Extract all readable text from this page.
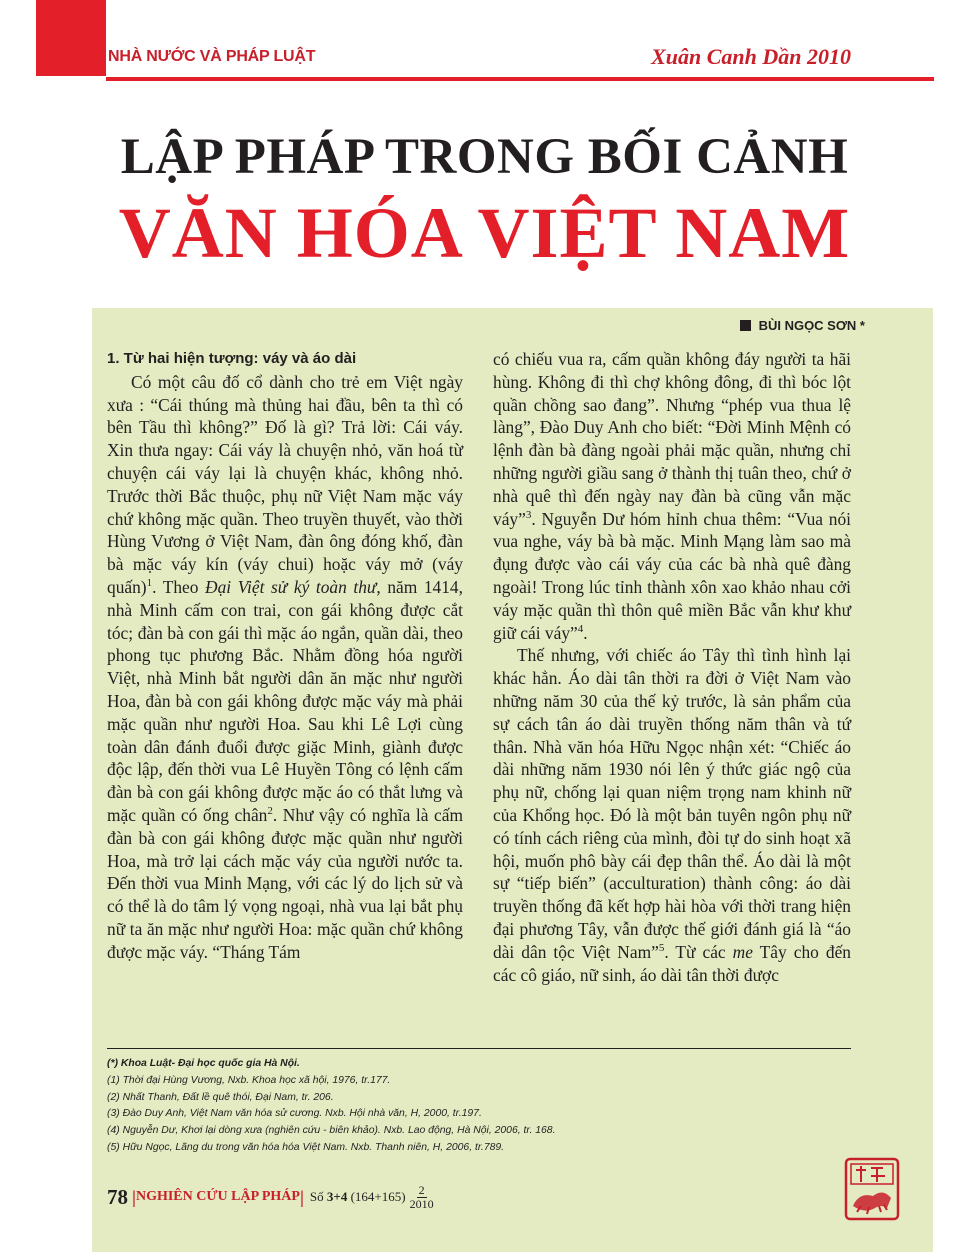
NHÀ NƯỚC VÀ PHÁP LUẬT	Xuân Canh Dần 2010
LẬP PHÁP TRONG BỐI CẢNH
VĂN HÓA VIỆT NAM
BÙI NGỌC SƠN *
1. Từ hai hiện tượng: váy và áo dài

Có một câu đố cổ dành cho trẻ em Việt ngày xưa : “Cái thúng mà thủng hai đầu, bên ta thì có bên Tầu thì không?” Đố là gì? Trả lời: Cái váy. Xin thưa ngay: Cái váy là chuyện nhỏ, văn hoá từ chuyện cái váy lại là chuyện khác, không nhỏ. Trước thời Bắc thuộc, phụ nữ Việt Nam mặc váy chứ không mặc quần. Theo truyền thuyết, vào thời Hùng Vương ở Việt Nam, đàn ông đóng khố, đàn bà mặc váy kín (váy chui) hoặc váy mở (váy quấn)$^1$. Theo Đại Việt sử ký toàn thư, năm 1414, nhà Minh cấm con trai, con gái không được cắt tóc; đàn bà con gái thì mặc áo ngắn, quần dài, theo phong tục phương Bắc. Nhằm đồng hóa người Việt, nhà Minh bắt người dân ăn mặc như người Hoa, đàn bà con gái không được mặc váy mà phải mặc quần như người Hoa. Sau khi Lê Lợi cùng toàn dân đánh đuổi được giặc Minh, giành được độc lập, đến thời vua Lê Huyền Tông có lệnh cấm đàn bà con gái không được mặc áo có thắt lưng và mặc quần có ống chân$^2$. Như vậy có nghĩa là cấm đàn bà con gái không được mặc quần như người Hoa, mà trở lại cách mặc váy của người nước ta. Đến thời vua Minh Mạng, với các lý do lịch sử và có thể là do tâm lý vọng ngoại, nhà vua lại bắt phụ nữ ta ăn mặc như người Hoa: mặc quần chứ không được mặc váy. “Tháng Tám

có chiếu vua ra, cấm quần không đáy người ta hãi hùng. Không đi thì chợ không đông, đi thì bóc lột quần chồng sao đang”. Nhưng “phép vua thua lệ làng”, Đào Duy Anh cho biết: “Đời Minh Mệnh có lệnh đàn bà đàng ngoài phải mặc quần, nhưng chỉ những người giầu sang ở thành thị tuân theo, chứ ở nhà quê thì đến ngày nay đàn bà cũng vẫn mặc váy”$^3$. Nguyễn Dư hóm hỉnh chua thêm: “Vua nói vua nghe, váy bà bà mặc. Minh Mạng làm sao mà đụng được vào cái váy của các bà nhà quê đàng ngoài! Trong lúc tỉnh thành xôn xao khảo nhau cởi váy mặc quần thì thôn quê miền Bắc vẫn khư khư giữ cái váy”$^4$.

Thế nhưng, với chiếc áo Tây thì tình hình lại khác hẳn. Áo dài tân thời ra đời ở Việt Nam vào những năm 30 của thế kỷ trước, là sản phẩm của sự cách tân áo dài truyền thống năm thân và tứ thân. Nhà văn hóa Hữu Ngọc nhận xét: “Chiếc áo dài những năm 1930 nói lên ý thức giác ngộ của phụ nữ, chống lại quan niệm trọng nam khinh nữ của Khổng học. Đó là một bản tuyên ngôn phụ nữ có tính cách riêng của mình, đòi tự do sinh hoạt xã hội, muốn phô bày cái đẹp thân thể. Áo dài là một sự “tiếp biến” (acculturation) thành công: áo dài truyền thống đã kết hợp hài hòa với thời trang hiện đại phương Tây, vẫn được thế giới đánh giá là “áo dài dân tộc Việt Nam”$^5$. Từ các me Tây cho đến các cô giáo, nữ sinh, áo dài tân thời được

(*) Khoa Luật- Đại học quốc gia Hà Nội.
(1) Thời đại Hùng Vương, Nxb. Khoa học xã hội, 1976, tr.177.
(2) Nhất Thanh, Đất lề quê thói, Đại Nam, tr. 206.
(3) Đào Duy Anh, Việt Nam văn hóa sử cương. Nxb. Hội nhà văn, H, 2000, tr.197.
(4) Nguyễn Dư, Khơi lại dòng xưa (nghiên cứu - biên khảo). Nxb. Lao động, Hà Nội, 2006, tr. 168.
(5) Hữu Ngọc, Lãng du trong văn hóa hóa Việt Nam. Nxb. Thanh niên, H, 2006, tr.789.
78 | NGHIÊN CỨU LẬP PHÁP | Số 3+4 $(164+165) \frac{2}{2010}$
